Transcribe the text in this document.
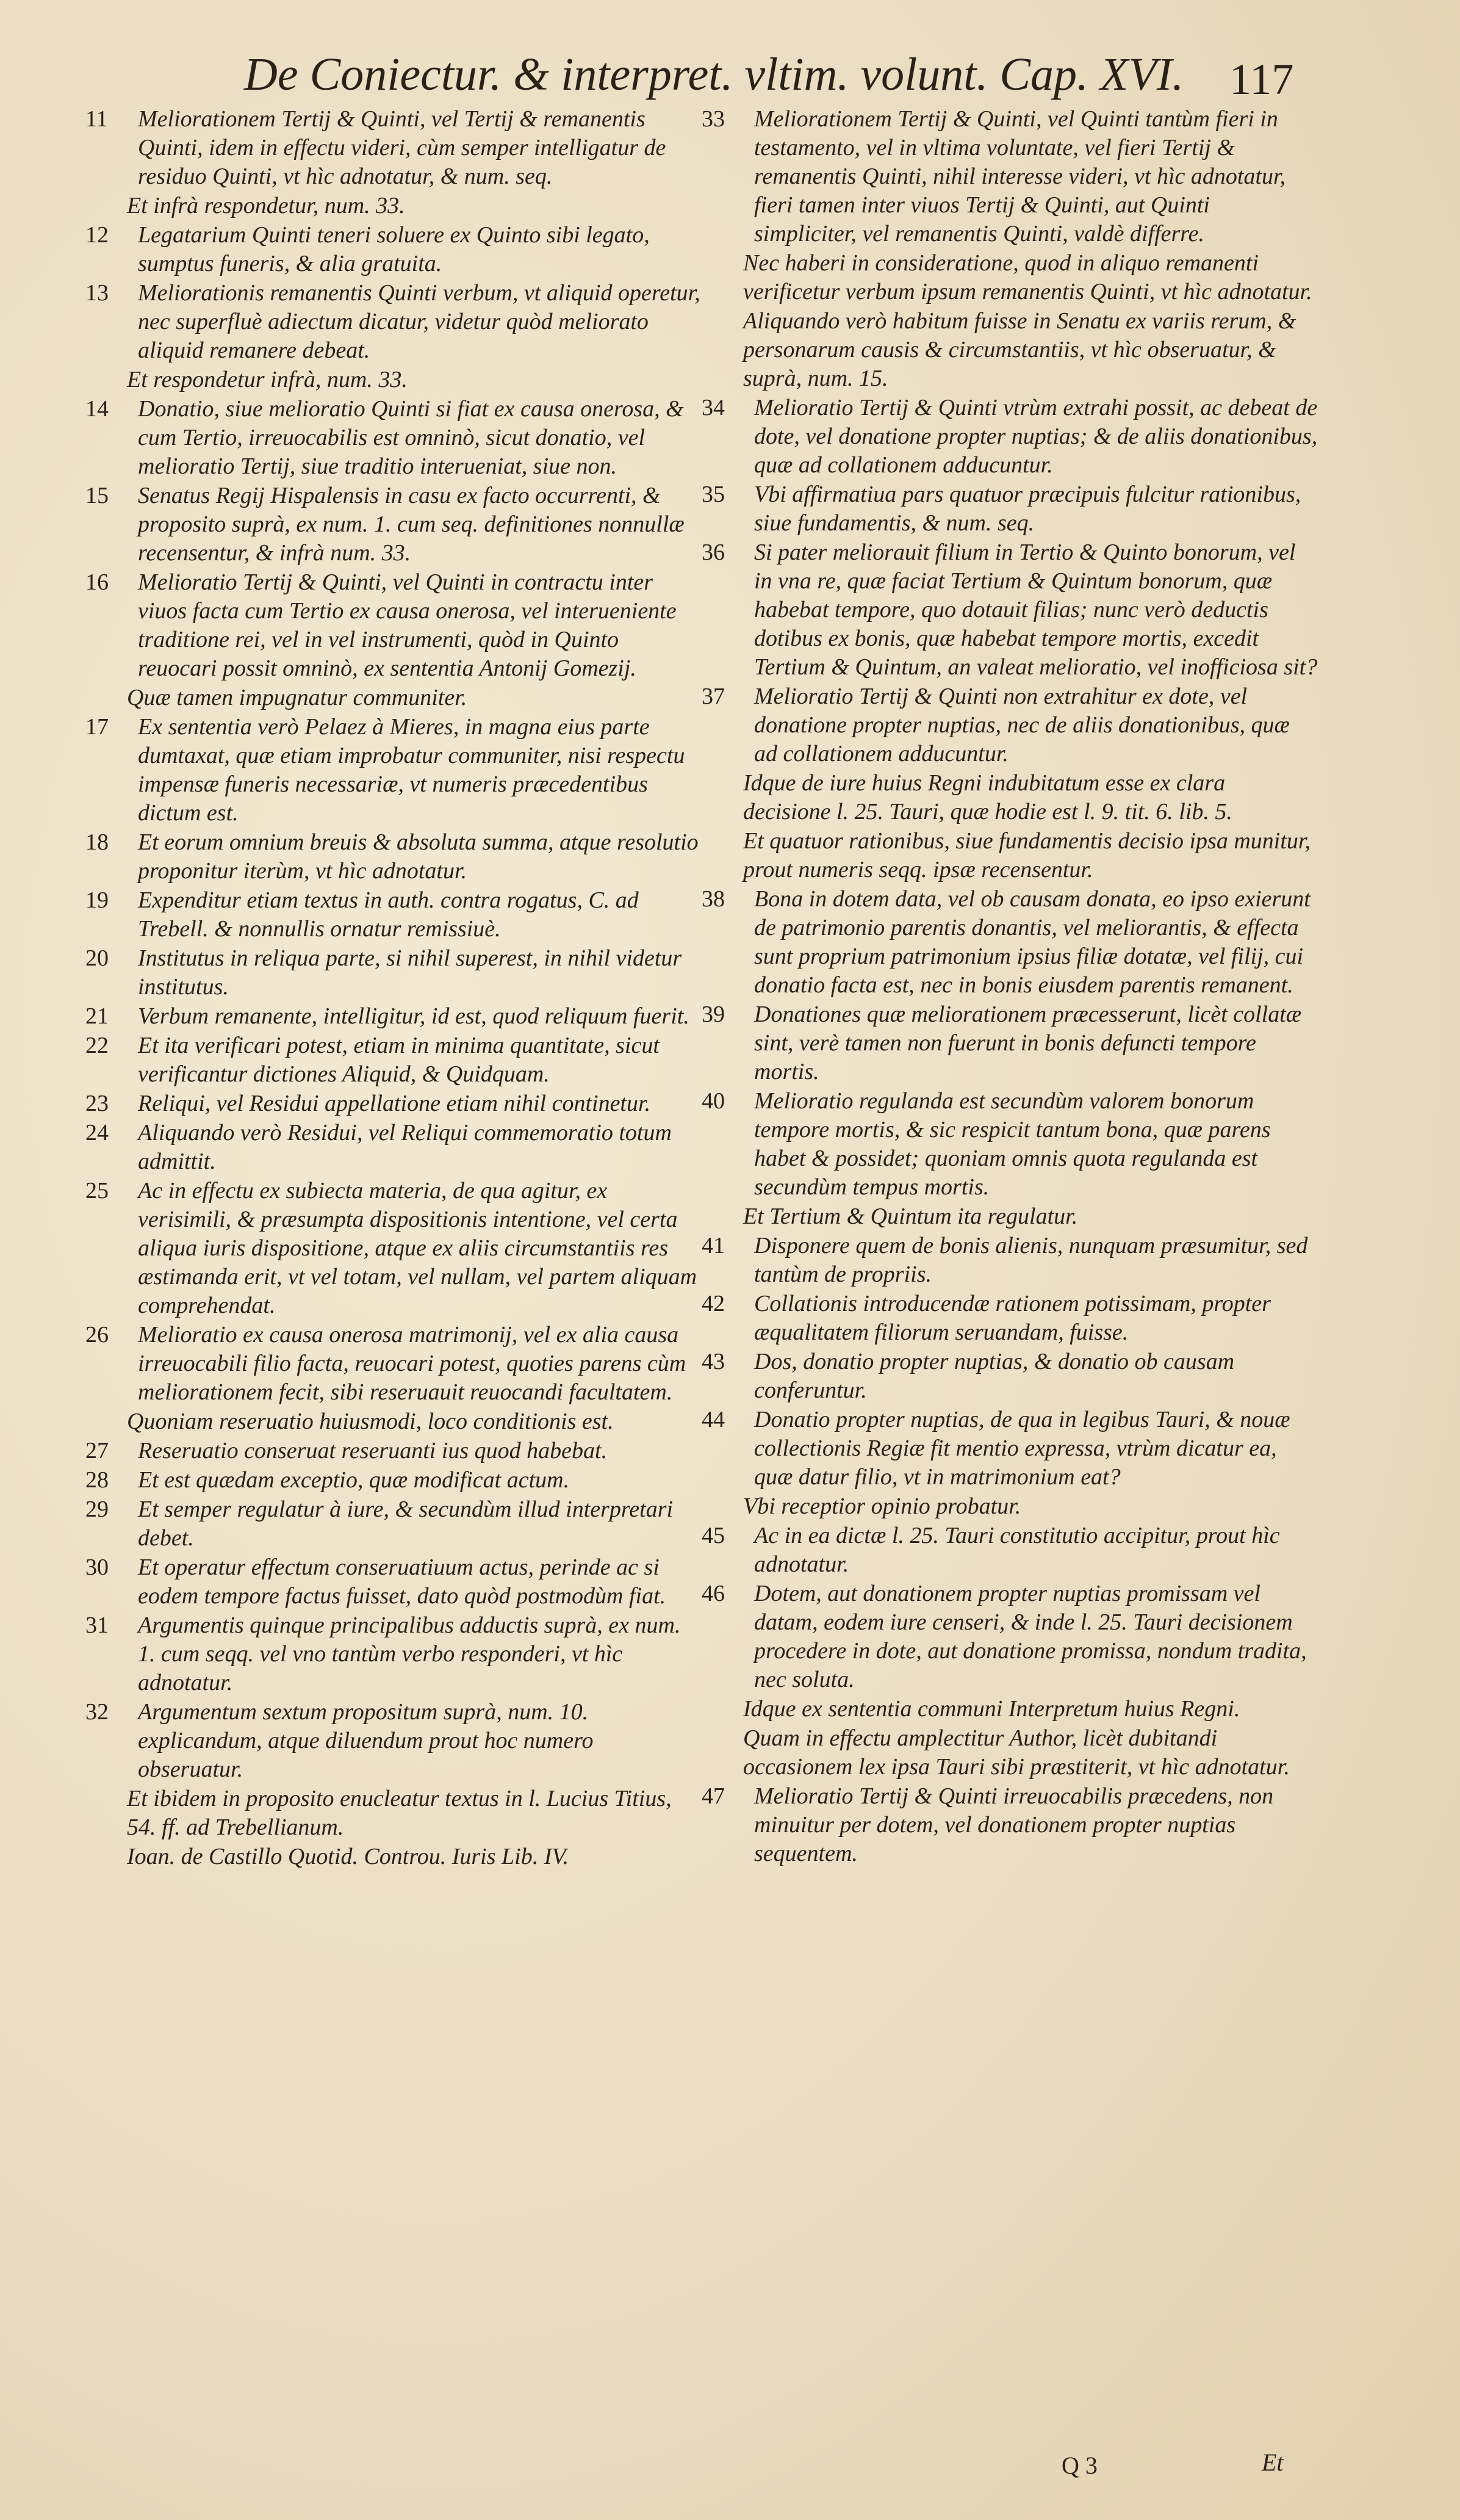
De Coniectur. & interpret. vltim. volunt. Cap. XVI.	117
11	Meliorationem Tertij & Quinti, vel Tertij & remanentis Quinti, idem in effectu videri, cùm semper intelligatur de residuo Quinti, vt hìc adnotatur, & num. seq.
Et infrà respondetur, num. 33.
12	Legatarium Quinti teneri soluere ex Quinto sibi legato, sumptus funeris, & alia gratuita.
13	Meliorationis remanentis Quinti verbum, vt aliquid operetur, nec superfluè adiectum dicatur, videtur quòd meliorato aliquid remanere debeat.
Et respondetur infrà, num. 33.
14	Donatio, siue melioratio Quinti si fiat ex causa onerosa, & cum Tertio, irreuocabilis est omninò, sicut donatio, vel melioratio Tertij, siue traditio interueniat, siue non.
15	Senatus Regij Hispalensis in casu ex facto occurrenti, & proposito suprà, ex num. 1. cum seq. definitiones nonnullæ recensentur, & infrà num. 33.
16	Melioratio Tertij & Quinti, vel Quinti in contractu inter viuos facta cum Tertio ex causa onerosa, vel interueniente traditione rei, vel in vel instrumenti, quòd in Quinto reuocari possit omninò, ex sententia Antonij Gomezij.
Quæ tamen impugnatur communiter.
17	Ex sententia verò Pelaez à Mieres, in magna eius parte dumtaxat, quæ etiam improbatur communiter, nisi respectu impensæ funeris necessariæ, vt numeris præcedentibus dictum est.
18	Et eorum omnium breuis & absoluta summa, atque resolutio proponitur iterùm, vt hìc adnotatur.
19	Expenditur etiam textus in auth. contra rogatus, C. ad Trebell. & nonnullis ornatur remissiuè.
20	Institutus in reliqua parte, si nihil superest, in nihil videtur institutus.
21	Verbum remanente, intelligitur, id est, quod reliquum fuerit.
22	Et ita verificari potest, etiam in minima quantitate, sicut verificantur dictiones Aliquid, & Quidquam.
23	Reliqui, vel Residui appellatione etiam nihil continetur.
24	Aliquando verò Residui, vel Reliqui commemoratio totum admittit.
25	Ac in effectu ex subiecta materia, de qua agitur, ex verisimili, & præsumpta dispositionis intentione, vel certa aliqua iuris dispositione, atque ex aliis circumstantiis res æstimanda erit, vt vel totam, vel nullam, vel partem aliquam comprehendat.
26	Melioratio ex causa onerosa matrimonij, vel ex alia causa irreuocabili filio facta, reuocari potest, quoties parens cùm meliorationem fecit, sibi reseruauit reuocandi facultatem.
Quoniam reseruatio huiusmodi, loco conditionis est.
27	Reseruatio conseruat reseruanti ius quod habebat.
28	Et est quædam exceptio, quæ modificat actum.
29	Et semper regulatur à iure, & secundùm illud interpretari debet.
30	Et operatur effectum conseruatiuum actus, perinde ac si eodem tempore factus fuisset, dato quòd postmodùm fiat.
31	Argumentis quinque principalibus adductis suprà, ex num. 1. cum seqq. vel vno tantùm verbo responderi, vt hìc adnotatur.
32	Argumentum sextum propositum suprà, num. 10. explicandum, atque diluendum prout hoc numero obseruatur.
Et ibidem in proposito enucleatur textus in l. Lucius Titius, 54. ff. ad Trebellianum.
Ioan. de Castillo Quotid. Controu. Iuris Lib. IV.
33	Meliorationem Tertij & Quinti, vel Quinti tantùm fieri in testamento, vel in vltima voluntate, vel fieri Tertij & remanentis Quinti, nihil interesse videri, vt hìc adnotatur, fieri tamen inter viuos Tertij & Quinti, aut Quinti simpliciter, vel remanentis Quinti, valdè differre.
Nec haberi in consideratione, quod in aliquo remanenti verificetur verbum ipsum remanentis Quinti, vt hìc adnotatur.
Aliquando verò habitum fuisse in Senatu ex variis rerum, & personarum causis & circumstantiis, vt hìc obseruatur, & suprà, num. 15.
34	Melioratio Tertij & Quinti vtrùm extrahi possit, ac debeat de dote, vel donatione propter nuptias; & de aliis donationibus, quæ ad collationem adducuntur.
35	Vbi affirmatiua pars quatuor præcipuis fulcitur rationibus, siue fundamentis, & num. seq.
36	Si pater meliorauit filium in Tertio & Quinto bonorum, vel in vna re, quæ faciat Tertium & Quintum bonorum, quæ habebat tempore, quo dotauit filias; nunc verò deductis dotibus ex bonis, quæ habebat tempore mortis, excedit Tertium & Quintum, an valeat melioratio, vel inofficiosa sit?
37	Melioratio Tertij & Quinti non extrahitur ex dote, vel donatione propter nuptias, nec de aliis donationibus, quæ ad collationem adducuntur.
Idque de iure huius Regni indubitatum esse ex clara decisione l. 25. Tauri, quæ hodie est l. 9. tit. 6. lib. 5.
Et quatuor rationibus, siue fundamentis decisio ipsa munitur, prout numeris seqq. ipsæ recensentur.
38	Bona in dotem data, vel ob causam donata, eo ipso exierunt de patrimonio parentis donantis, vel meliorantis, & effecta sunt proprium patrimonium ipsius filiæ dotatæ, vel filij, cui donatio facta est, nec in bonis eiusdem parentis remanent.
39	Donationes quæ meliorationem præcesserunt, licèt collatæ sint, verè tamen non fuerunt in bonis defuncti tempore mortis.
40	Melioratio regulanda est secundùm valorem bonorum tempore mortis, & sic respicit tantum bona, quæ parens habet & possidet; quoniam omnis quota regulanda est secundùm tempus mortis.
Et Tertium & Quintum ita regulatur.
41	Disponere quem de bonis alienis, nunquam præsumitur, sed tantùm de propriis.
42	Collationis introducendæ rationem potissimam, propter æqualitatem filiorum seruandam, fuisse.
43	Dos, donatio propter nuptias, & donatio ob causam conferuntur.
44	Donatio propter nuptias, de qua in legibus Tauri, & nouæ collectionis Regiæ fit mentio expressa, vtrùm dicatur ea, quæ datur filio, vt in matrimonium eat?
Vbi receptior opinio probatur.
45	Ac in ea dictæ l. 25. Tauri constitutio accipitur, prout hìc adnotatur.
46	Dotem, aut donationem propter nuptias promissam vel datam, eodem iure censeri, & inde l. 25. Tauri decisionem procedere in dote, aut donatione promissa, nondum tradita, nec soluta.
Idque ex sententia communi Interpretum huius Regni.
Quam in effectu amplectitur Author, licèt dubitandi occasionem lex ipsa Tauri sibi præstiterit, vt hìc adnotatur.
47	Melioratio Tertij & Quinti irreuocabilis præcedens, non minuitur per dotem, vel donationem propter nuptias sequentem.
Q 3	Et
